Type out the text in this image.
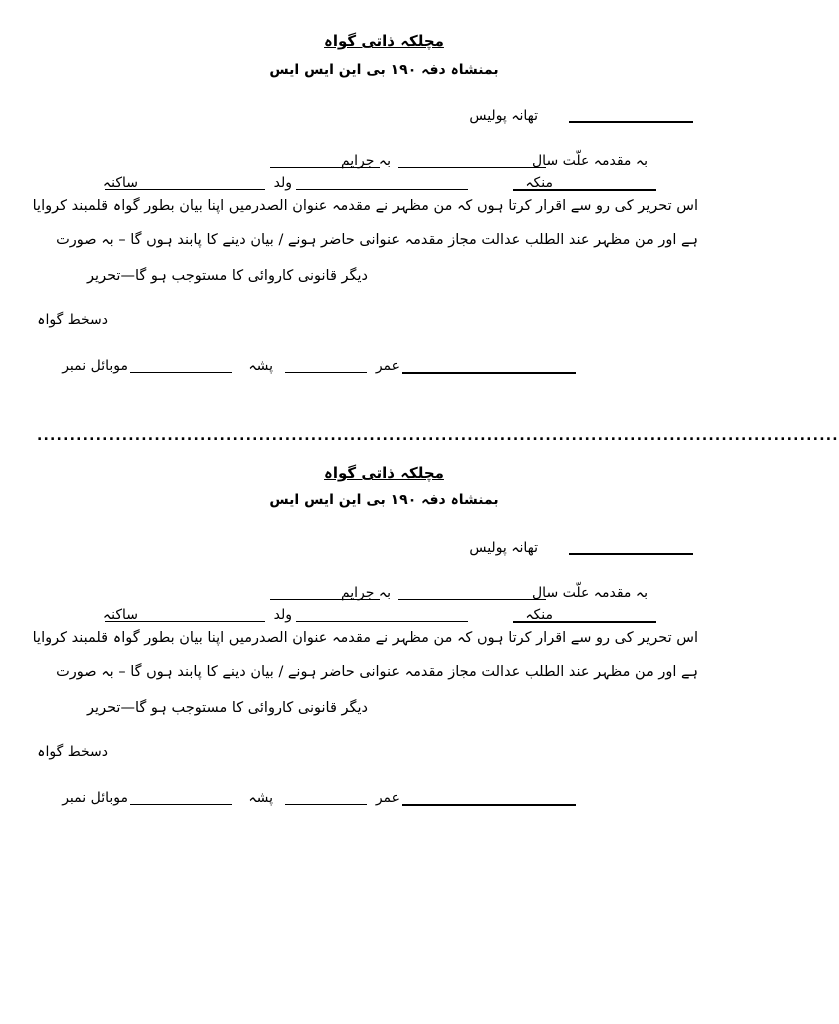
مچلکہ ذاتی گواہ
بمنشاہ دفہ ۱۹۰ بی این ایس ایس
تھانہ پولیس
بہ مقدمہ علّت سال
بہ جرایم
منکہ
ولد
ساکنہ
اس تحریر کی رو سے اقرار کرتا ہوں کہ من مظہر نے مقدمہ عنوان الصدرمیں اپنا بیان بطور گواہ قلمبند کروایا
ہے اور من مظہر عند الطلب عدالت مجاز مقدمہ عنوانی حاضر ہونے / بیان دینے کا پابند ہوں گا – بہ صورت
دیگر قانونی کاروائی کا مستوجب ہو گا—تحریر
دسخط گواہ
عمر
پشہ
موبائل نمبر
...........................................................................................................................
مچلکہ ذاتی گواہ
بمنشاہ دفہ ۱۹۰ بی این ایس ایس
تھانہ پولیس
بہ مقدمہ علّت سال
بہ جرایم
منکہ
ولد
ساکنہ
اس تحریر کی رو سے اقرار کرتا ہوں کہ من مظہر نے مقدمہ عنوان الصدرمیں اپنا بیان بطور گواہ قلمبند کروایا
ہے اور من مظہر عند الطلب عدالت مجاز مقدمہ عنوانی حاضر ہونے / بیان دینے کا پابند ہوں گا – بہ صورت
دیگر قانونی کاروائی کا مستوجب ہو گا—تحریر
دسخط گواہ
عمر
پشہ
موبائل نمبر
